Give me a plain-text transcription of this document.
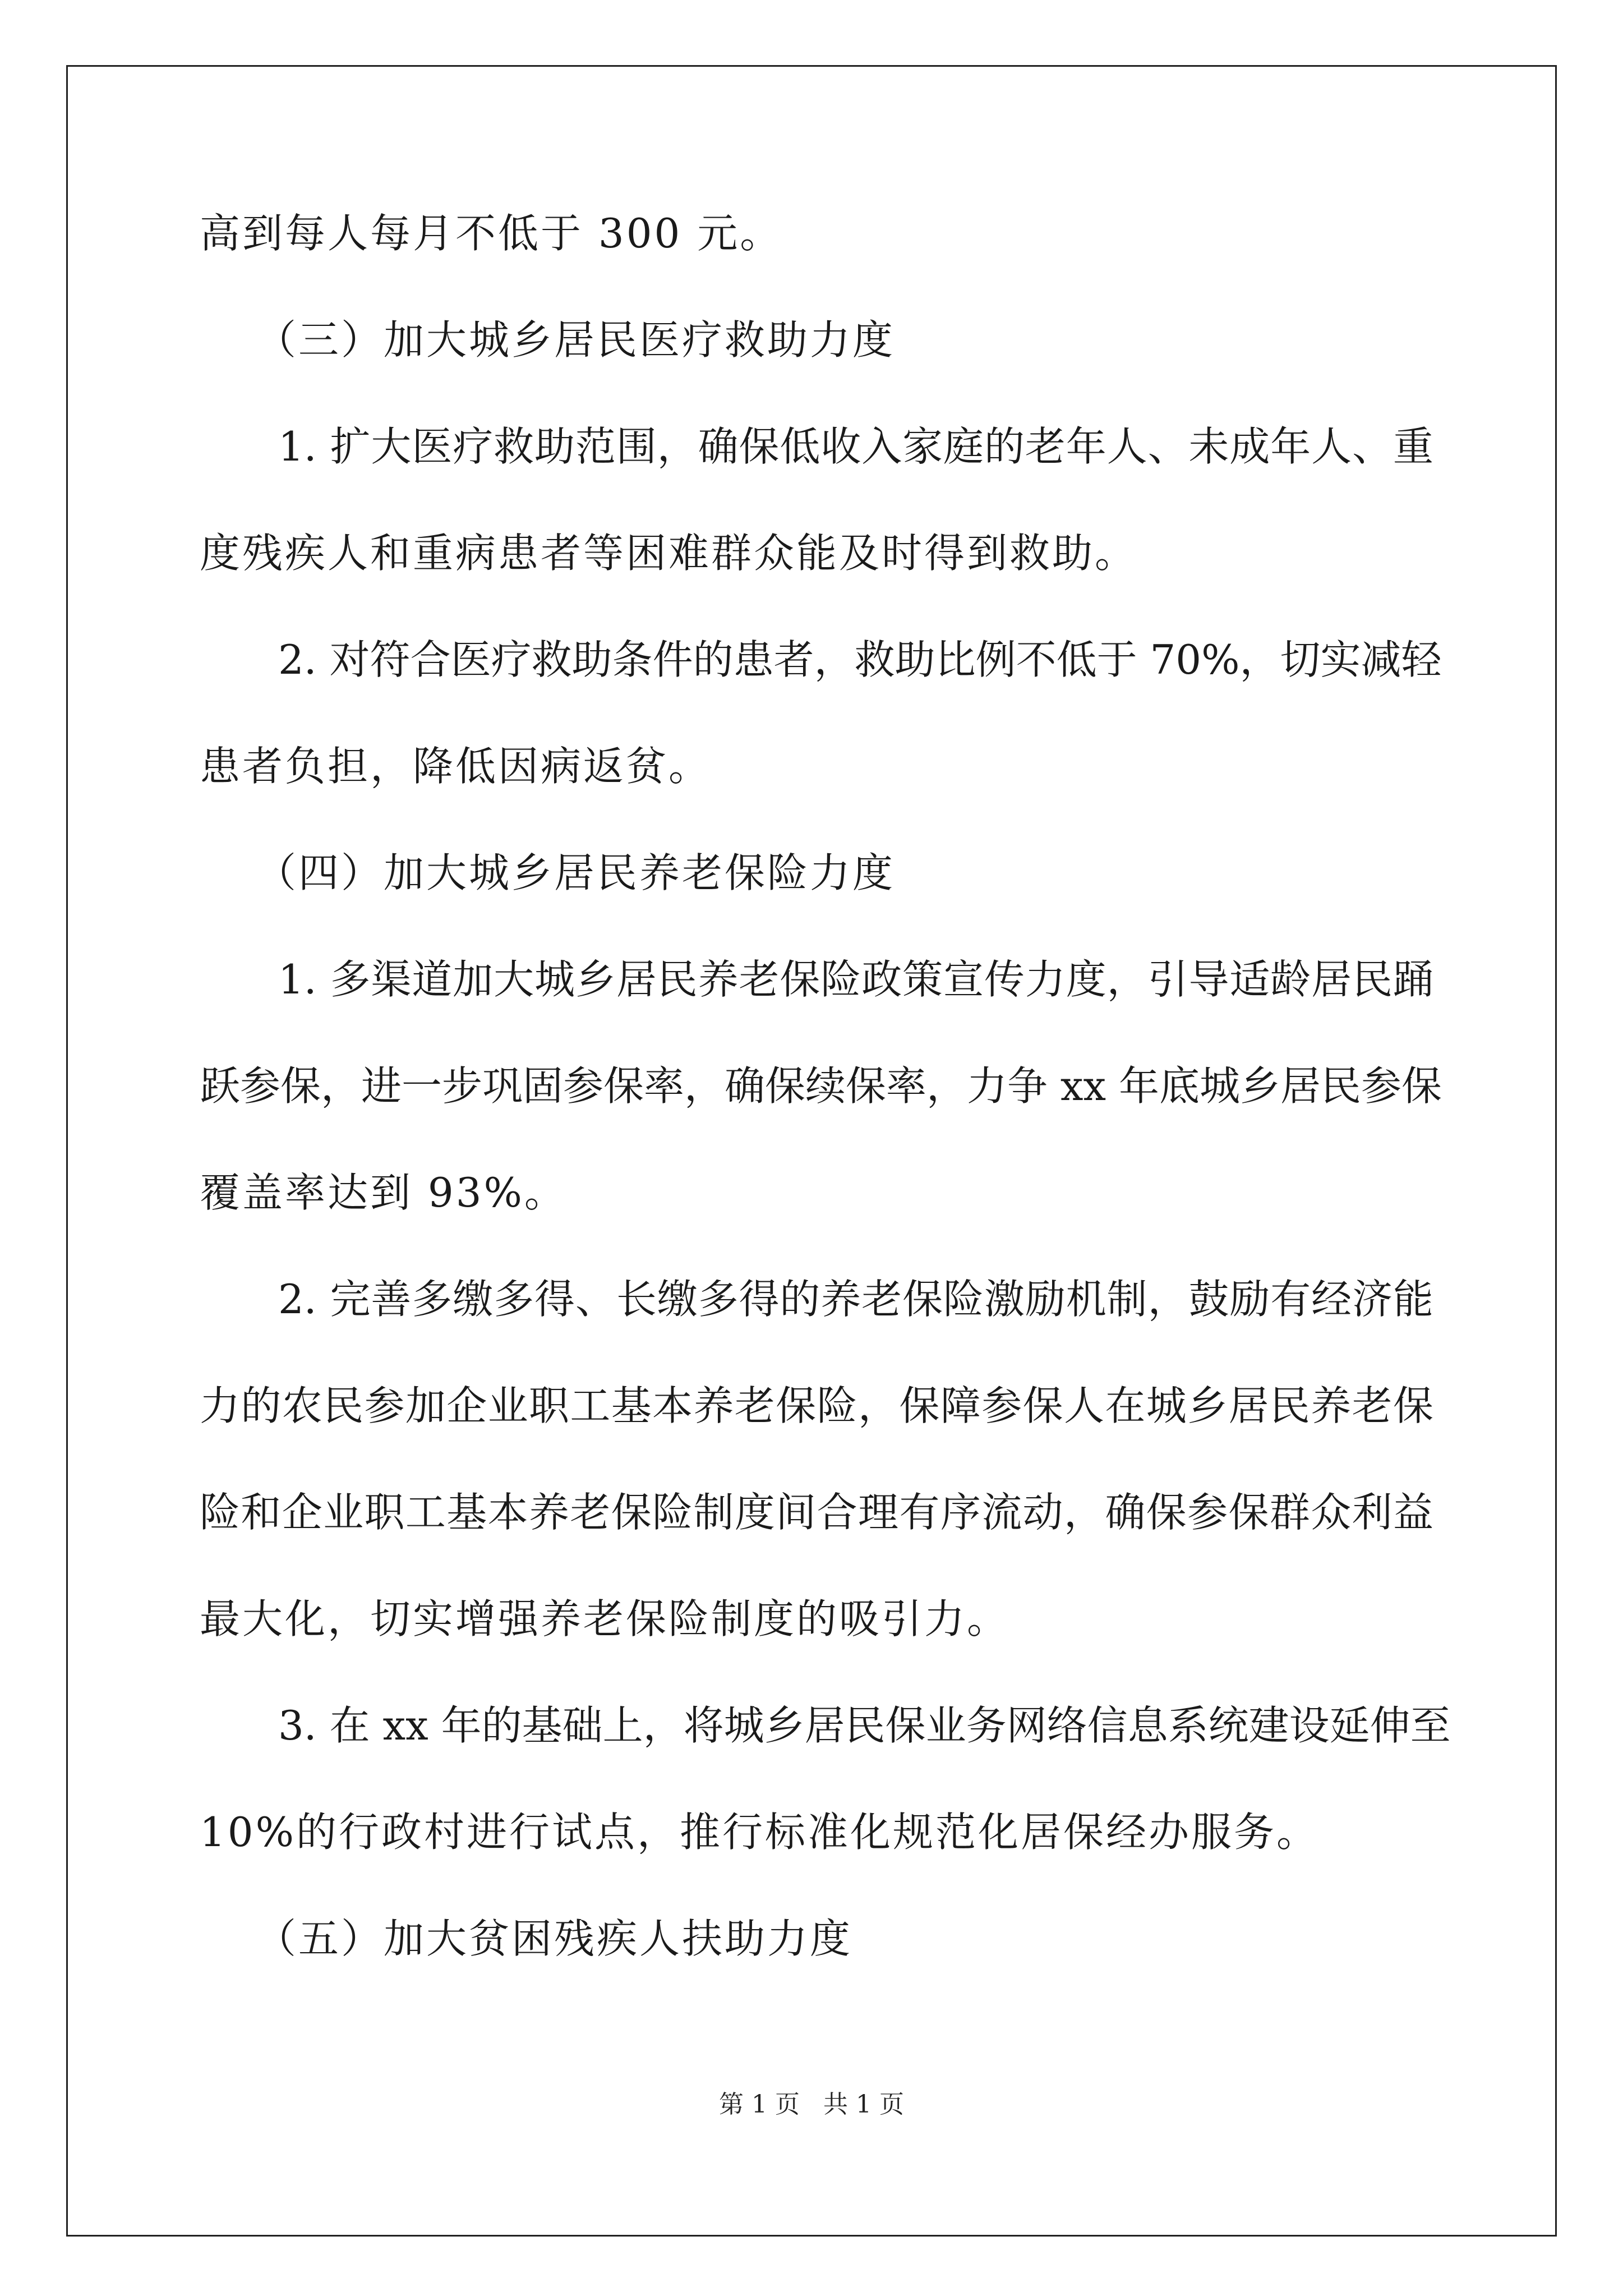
高到每人每月不低于 300 元。
（三）加大城乡居民医疗救助力度
1. 扩大医疗救助范围，确保低收入家庭的老年人、未成年人、重
度残疾人和重病患者等困难群众能及时得到救助。
2. 对符合医疗救助条件的患者，救助比例不低于 70%，切实减轻
患者负担，降低因病返贫。
（四）加大城乡居民养老保险力度
1. 多渠道加大城乡居民养老保险政策宣传力度，引导适龄居民踊
跃参保，进一步巩固参保率，确保续保率，力争 xx 年底城乡居民参保
覆盖率达到 93%。
2. 完善多缴多得、长缴多得的养老保险激励机制，鼓励有经济能
力的农民参加企业职工基本养老保险，保障参保人在城乡居民养老保
险和企业职工基本养老保险制度间合理有序流动，确保参保群众利益
最大化，切实增强养老保险制度的吸引力。
3. 在 xx 年的基础上，将城乡居民保业务网络信息系统建设延伸至
10%的行政村进行试点，推行标准化规范化居保经办服务。
（五）加大贫困残疾人扶助力度
第 1 页   共 1 页
